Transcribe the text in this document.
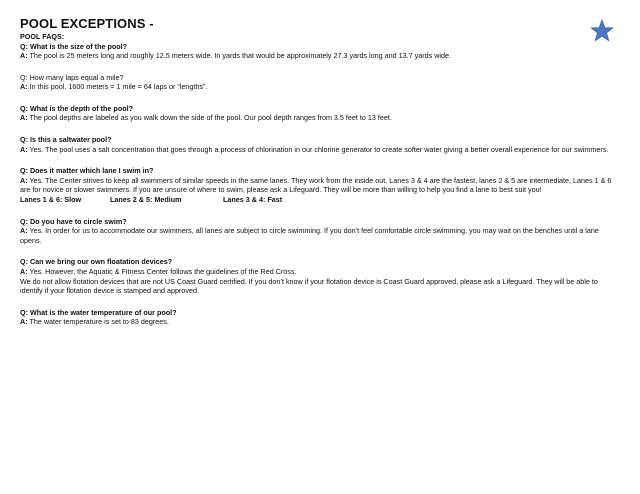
POOL EXCEPTIONS -
POOL FAQS:

Q: What is the size of the pool?

A: The pool is 25 meters long and roughly 12.5 meters wide. In yards that would be approximately 27.3 yards long and 13.7 yards wide.

Q: How many laps equal a mile?

A: In this pool, 1600 meters = 1 mile = 64 laps or “lengths”.

Q: What is the depth of the pool?

A: The pool depths are labeled as you walk down the side of the pool. Our pool depth ranges from 3.5 feet to 13 feet.

Q: Is this a saltwater pool?

A: Yes. The pool uses a salt concentration that goes through a process of chlorination in our chlorine generator to create softer water giving a better overall experience for our swimmers.

Q: Does it matter which lane I swim in?

A: Yes. The Center strives to keep all swimmers of similar speeds in the same lanes. They work from the inside out. Lanes 3 & 4 are the fastest, lanes 2 & 5 are intermediate, Lanes 1 & 6 are for novice or slower swimmers. If you are unsure of where to swim, please ask a Lifeguard. They will be more than willing to help you find a lane to best suit you!

Lanes 1 & 6: Slow	Lanes 2 & 5: Medium	Lanes 3 & 4: Fast

Q: Do you have to circle swim?

A: Yes. In order for us to accommodate our swimmers, all lanes are subject to circle swimming. If you don’t feel comfortable circle swimming, you may wait on the benches until a lane opens.

Q: Can we bring our own floatation devices?

A: Yes. However, the Aquatic & Fitness Center follows the guidelines of the Red Cross.

We do not allow flotation devices that are not US Coast Guard certified. If you don’t know if your flotation device is Coast Guard approved, please ask a Lifeguard. They will be able to identify if your flotation device is stamped and approved.

Q: What is the water temperature of our pool?

A: The water temperature is set to 83 degrees.
